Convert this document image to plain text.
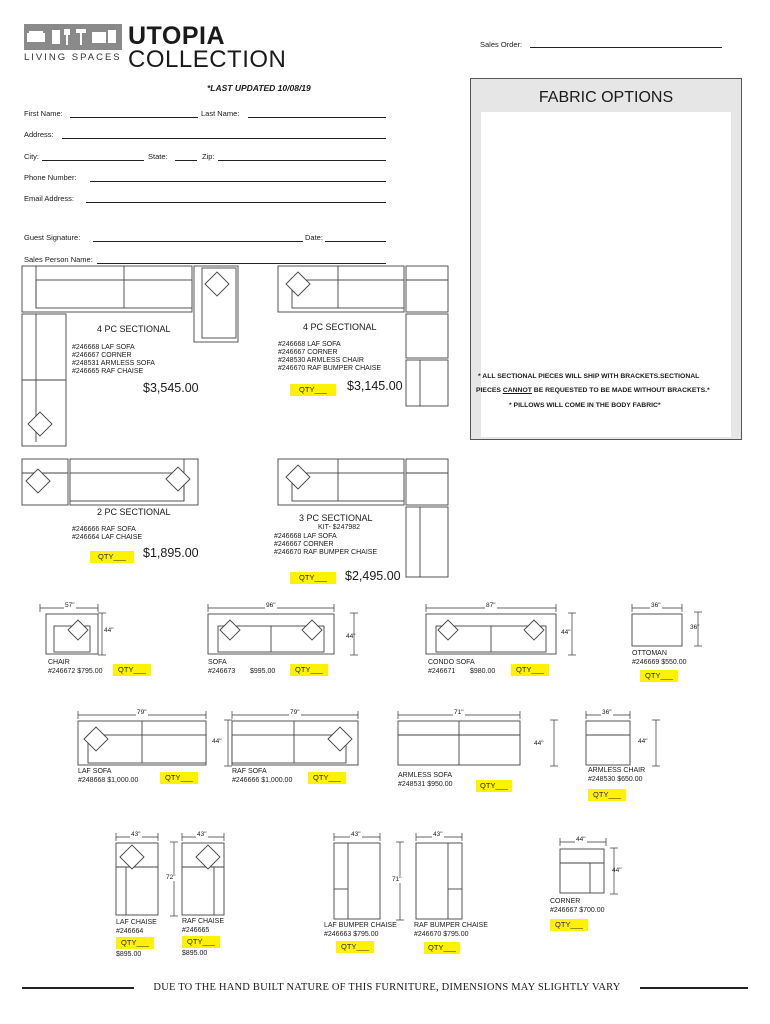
LIVING SPACES
UTOPIA
COLLECTION
Sales Order:
*LAST UPDATED 10/08/19
First Name:	Last Name:
Address:
City:	State:	Zip:
Phone Number:
Email Address:
Guest Signature:	Date:
Sales Person Name:
FABRIC OPTIONS
* ALL SECTIONAL PIECES WILL SHIP WITH BRACKETS.SECTIONAL
PIECES CANNOT BE REQUESTED TO BE MADE WITHOUT BRACKETS.*
* PILLOWS WILL COME IN THE BODY FABRIC*
4 PC SECTIONAL
#246668 LAF SOFA
#246667 CORNER
#248531 ARMLESS SOFA
#246665 RAF CHAISE
$3,545.00
4 PC SECTIONAL
#246668 LAF SOFA
#246667 CORNER
#248530 ARMLESS CHAIR
#246670 RAF BUMPER CHAISE
QTY___	$3,145.00
2 PC SECTIONAL
#246666 RAF SOFA
#246664 LAF CHAISE
QTY___	$1,895.00
3 PC SECTIONAL
KIT- $247982
#246668 LAF SOFA
#246667 CORNER
#246670 RAF BUMPER CHAISE
QTY___	$2,495.00
57"
44"
CHAIR
#246672 $795.00	QTY___
96"
44"
SOFA
#246673 $995.00	QTY___
87"
44"
CONDO SOFA
#246671 $980.00	QTY___
36"
36"
OTTOMAN
#246669 $550.00
QTY___
79"
LAF SOFA
#248668 $1,000.00	QTY___
79"
44"
RAF SOFA
#246666 $1,000.00	QTY___
71"
44"
ARMLESS SOFA
#248531 $950.00	QTY___
36"
44"
ARMLESS CHAIR
#248530 $650.00
QTY___
43"
LAF CHAISE
#246664
QTY___
$895.00
43"
72"
RAF CHAISE
#246665
QTY___
$895.00
43"
LAF BUMPER CHAISE
#246663 $795.00
QTY___
71"
43"
RAF BUMPER CHAISE
#246670 $795.00
QTY___
44"
44"
CORNER
#246667 $700.00
QTY___
DUE TO THE HAND BUILT NATURE OF THIS FURNITURE, DIMENSIONS MAY SLIGHTLY VARY
